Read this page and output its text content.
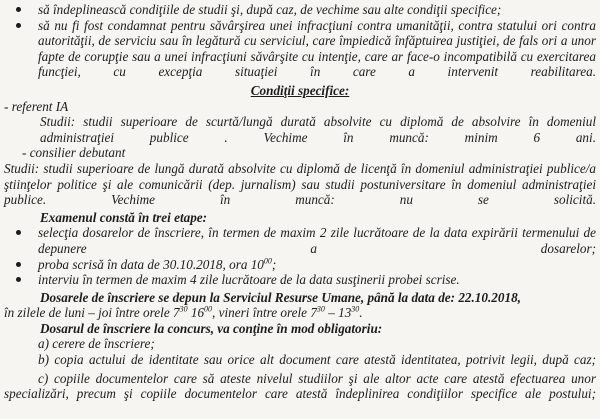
să îndeplinească condiţiile de studii şi, după caz, de vechime sau alte condiţii specifice;
să nu fi fost condamnat pentru săvârşirea unei infracţiuni contra umanităţii, contra statului ori contra autorităţii, de serviciu sau în legătură cu serviciul, care împiedică înfăptuirea justiţiei, de fals ori a unor fapte de corupţie sau a unei infracţiuni săvârşite cu intenţie, care ar face-o incompatibilă cu exercitarea funcţiei, cu excepţia situaţiei în care a intervenit reabilitarea.
Condiţii specifice:
- referent IA
Studii: studii superioare de scurtă/lungă durată absolvite cu diplomă de absolvire în domeniul administraţiei publice . Vechime în muncă: minim 6 ani.
- consilier debutant
Studii: studii superioare de lungă durată absolvite cu diplomă de licenţă în domeniul administraţiei publice/a ştiinţelor politice şi ale comunicării (dep. jurnalism) sau studii postuniversitare în domeniul administraţiei publice. Vechime în muncă: nu se solicită.
Examenul constă în trei etape:
selecţia dosarelor de înscriere, în termen de maxim 2 zile lucrătoare de la data expirării termenului de depunere a dosarelor;
proba scrisă în data de 30.10.2018, ora $10^{00}$;
interviu în termen de maxim 4 zile lucrătoare de la data susţinerii probei scrise.
Dosarele de înscriere se depun la Serviciul Resurse Umane, până la data de: 22.10.2018,
în zilele de luni – joi între orele $7^{30}$ $16^{00}$, vineri între orele $7^{30} - 13^{30}$.
Dosarul de înscriere la concurs, va conţine în mod obligatoriu:
a) cerere de înscriere;
b) copia actului de identitate sau orice alt document care atestă identitatea, potrivit legii, după caz;
c) copiile documentelor care să ateste nivelul studiilor şi ale altor acte care atestă efectuarea unor specializări, precum şi copiile documentelor care atestă îndeplinirea condiţiilor specifice ale postului;
